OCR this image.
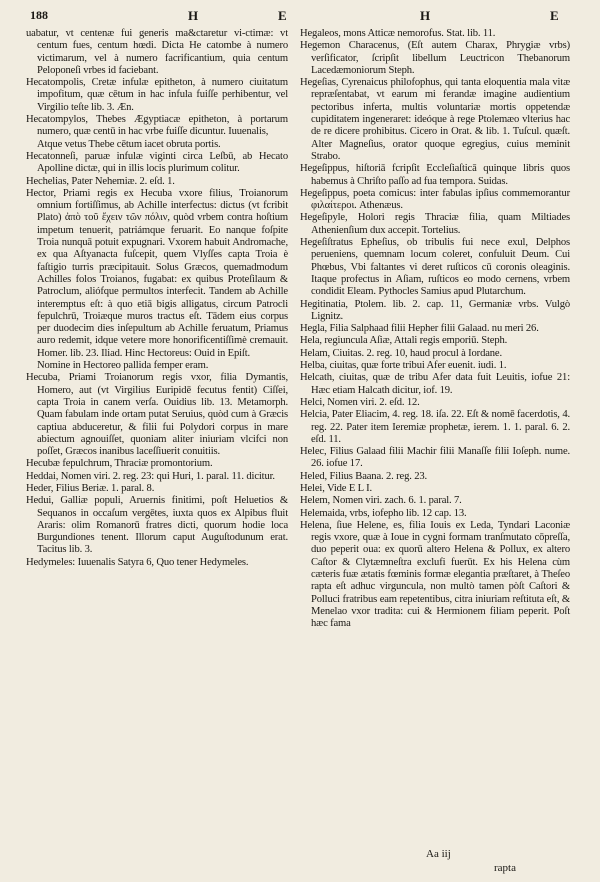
188	H	E	H	E

uabatur, vt centenæ fui generis ma&ctaretur vi-ctimæ: vt centum fues, centum hœdi. Dicta He catombe à numero victimarum, vel à numero facrificantium, quia centum Peloponeſi vrbes id faciebant.

Hecatompolis, Cretæ infulæ epitheton, à numero ciuitatum impofitum, quæ cētum in hac infula fuiſſe perhibentur, vel Virgilio teſte lib. 3. Æn.

Hecatompylos, Thebes Ægyptiacæ epitheton, à portarum numero, quæ centū in hac vrbe fuiſſe dicuntur. Iuuenalis,

Atque vetus Thebe cētum iacet obruta portis.

Hecatonneſi, paruæ infulæ viginti circa Leſbū, ab Hecato Apolline dictæ, qui in illis locis plurimum colitur.

Hechelias, Pater Nehemiæ. 2. eſd. 1.

Hector, Priami regis ex Hecuba vxore filius, Troianorum omnium fortiſſimus, ab Achille interfectus: dictus (vt fcribit Plato) ἀπὸ τοῦ ἔχειν τῶν πόλιν, quòd vrbem contra hoſtium impetum tenuerit, patriámque feruarit. Eo nanque foſpite Troia nunquā potuit expugnari. Vxorem habuit Andromache, ex qua Aſtyanacta fuſcepit, quem Vlyſſes capta Troia è faſtigio turris præcipitauit. Solus Græcos, quemadmodum Achilles folos Troianos, fugabat: ex quibus Proteſilaum & Patroclum, aliófque permultos interfecit. Tandem ab Achille interemptus eſt: à quo etiā bigis alligatus, circum Patrocli fepulchrū, Troiæque muros tractus eſt. Tādem eius corpus per duodecim dies inſepultum ab Achille feruatum, Priamus auro redemit, idque vetere more honorificentiſſimè cremauit. Homer. lib. 23. Iliad. Hinc Hectoreus: Ouid in Epiſt.

Nomine in Hectoreo pallida femper eram.

Hecuba, Priami Troianorum regis vxor, filia Dymantis, Homero, aut (vt Virgilius Euripidē fecutus fentit) Ciſſei, capta Troia in canem verſa. Ouidius lib. 13. Metamorph. Quam fabulam inde ortam putat Seruius, quòd cum à Græcis captiua abduceretur, & filii fui Polydori corpus in mare abiectum agnouiſſet, quoniam aliter iniuriam vlcifci non poſſet, Græcos inanibus laceſſiuerit conuitiis.

Hecubæ fepulchrum, Thraciæ promontorium.

Heddai, Nomen viri. 2. reg. 23: qui Huri, 1. paral. 11. dicitur.

Heder, Filius Beriæ. 1. paral. 8.

Hedui, Galliæ populi, Aruernis finitimi, poſt Heluetios & Sequanos in occaſum vergētes, iuxta quos ex Alpibus fluit Araris: olim Romanorū fratres dicti, quorum hodie loca Burgundiones tenent. Illorum caput Auguſtodunum erat. Tacitus lib. 3.

Hedymeles: Iuuenalis Satyra 6, Quo tener Hedymeles.

Hegaleos, mons Atticæ nemorofus. Stat. lib. 11.

Hegemon Characenus, (Eſt autem Charax, Phrygiæ vrbs) verſificator, ſcripſit libellum Leuctricon Thebanorum Lacedæmoniorum Steph.

Hegeſias, Cyrenaicus philofophus, qui tanta eloquentia mala vitæ repræſentabat, vt earum mi ferandæ imagine audientium pectoribus inferta, multis voluntariæ mortis oppetendæ cupiditatem ingeneraret: ideóque à rege Ptolemæo vlterius hac de re dicere prohibitus. Cicero in Orat. & lib. 1. Tuſcul. quæſt. Alter Magneſius, orator quoque egregius, cuius meminit Strabo.

Hegeſippus, hiſtoriā fcripſit Eccleſiaſticā quinque libris quos habemus à Chriſto paſſo ad fua tempora. Suidas.

Hegeſippus, poeta comicus: inter fabulas ipſius commemorantur φιλαίτεροι. Athenæus.

Hegeſipyle, Holori regis Thraciæ filia, quam Miltiades Athenienſium dux accepit. Tortelius.

Hegeſiſtratus Epheſius, ob tribulis fui nece exul, Delphos perueniens, quemnam locum coleret, confuluit Deum. Cui Phœbus, Vbi faltantes vi deret ruſticos cū coronis oleaginis. Itaque profectus in Aſiam, ruſticos eo modo cernens, vrbem condidit Eleam. Pythocles Samius apud Plutarchum.

Hegitinatia, Ptolem. lib. 2. cap. 11, Germaniæ vrbs. Vulgò Lignitz.

Hegla, Filia Salphaad filii Hepher filii Galaad. nu meri 26.

Hela, regiuncula Aſiæ, Attali regis emporiū. Steph.

Helam, Ciuitas. 2. reg. 10, haud procul à Iordane.

Helba, ciuitas, quæ forte tribui Afer euenit. iudi. 1.

Helcath, ciuitas, quæ de tribu Afer data fuit Leuitis, iofue 21: Hæc etiam Halcath dicitur, iof. 19.

Helci, Nomen viri. 2. eſd. 12.

Helcia, Pater Eliacim, 4. reg. 18. iſa. 22. Eſt & nomē facerdotis, 4. reg. 22. Pater item Ieremiæ prophetæ, ierem. 1. 1. paral. 6. 2. eſd. 11.

Helec, Filius Galaad filii Machir filii Manaſſe filii Ioſeph. nume. 26. iofue 17.

Heled, Filius Baana. 2. reg. 23.

Helei, Vide E L I.

Helem, Nomen viri. zach. 6. 1. paral. 7.

Helemaida, vrbs, iofepho lib. 12 cap. 13.

Helena, ſiue Helene, es, filia Iouis ex Leda, Tyndari Laconiæ regis vxore, quæ à Ioue in cygni formam tranſmutato cōpreſſa, duo peperit oua: ex quorū altero Helena & Pollux, ex altero Caſtor & Clytæmneſtra exclufi fuerūt. Ex his Helena cùm cæteris fuæ ætatis fœminis formæ elegantia præſtaret, à Theſeo rapta eſt adhuc virguncula, non multò tamen pòſt Caſtori & Polluci fratribus eam repetentibus, citra iniuriam reſtituta eſt, & Menelao vxor tradita: cui & Hermionem filiam peperit. Poſt hæc fama

Aa iij
rapta
